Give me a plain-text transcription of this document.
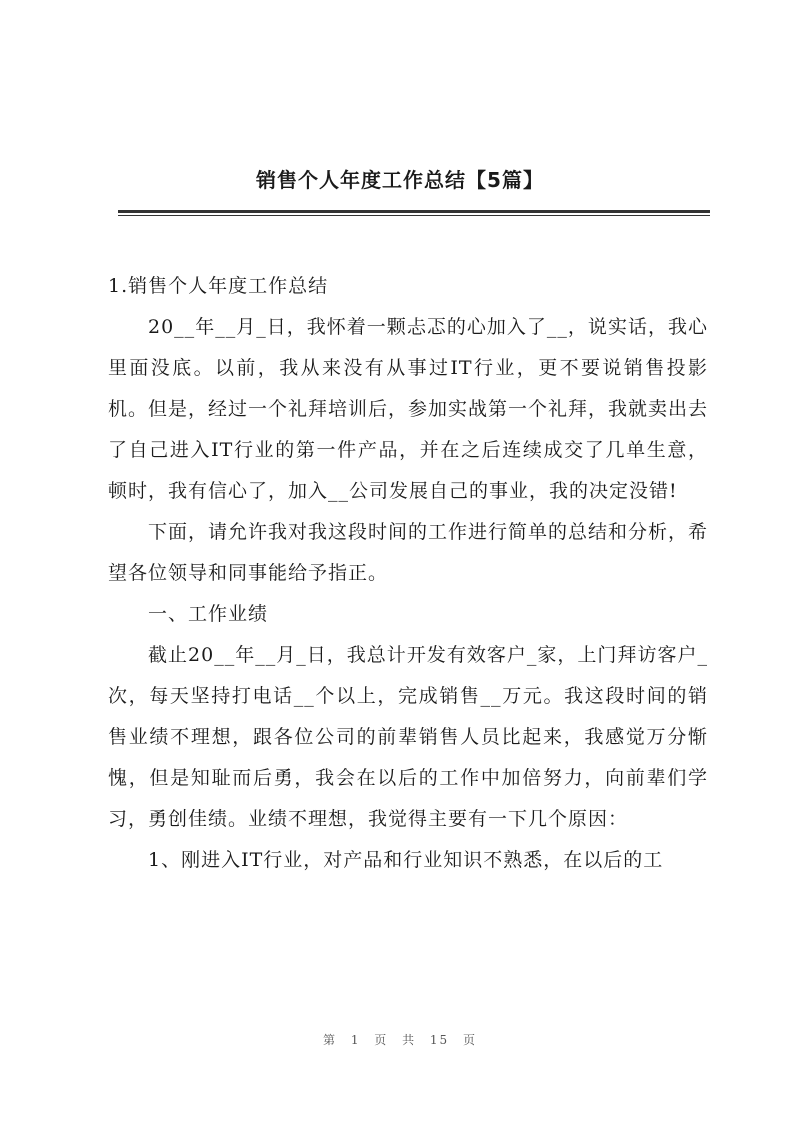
销售个人年度工作总结【5篇】

1.销售个人年度工作总结

20__年__月_日，我怀着一颗忐忑的心加入了__，说实话，我心里面没底。以前，我从来没有从事过IT行业，更不要说销售投影机。但是，经过一个礼拜培训后，参加实战第一个礼拜，我就卖出去了自己进入IT行业的第一件产品，并在之后连续成交了几单生意，顿时，我有信心了，加入__公司发展自己的事业，我的决定没错!

下面，请允许我对我这段时间的工作进行简单的总结和分析，希望各位领导和同事能给予指正。

一、工作业绩

截止20__年__月_日，我总计开发有效客户_家，上门拜访客户_次，每天坚持打电话__个以上，完成销售__万元。我这段时间的销售业绩不理想，跟各位公司的前辈销售人员比起来，我感觉万分惭愧，但是知耻而后勇，我会在以后的工作中加倍努力，向前辈们学习，勇创佳绩。业绩不理想，我觉得主要有一下几个原因：

1、刚进入IT行业，对产品和行业知识不熟悉，在以后的工

第 1 页 共 15 页
